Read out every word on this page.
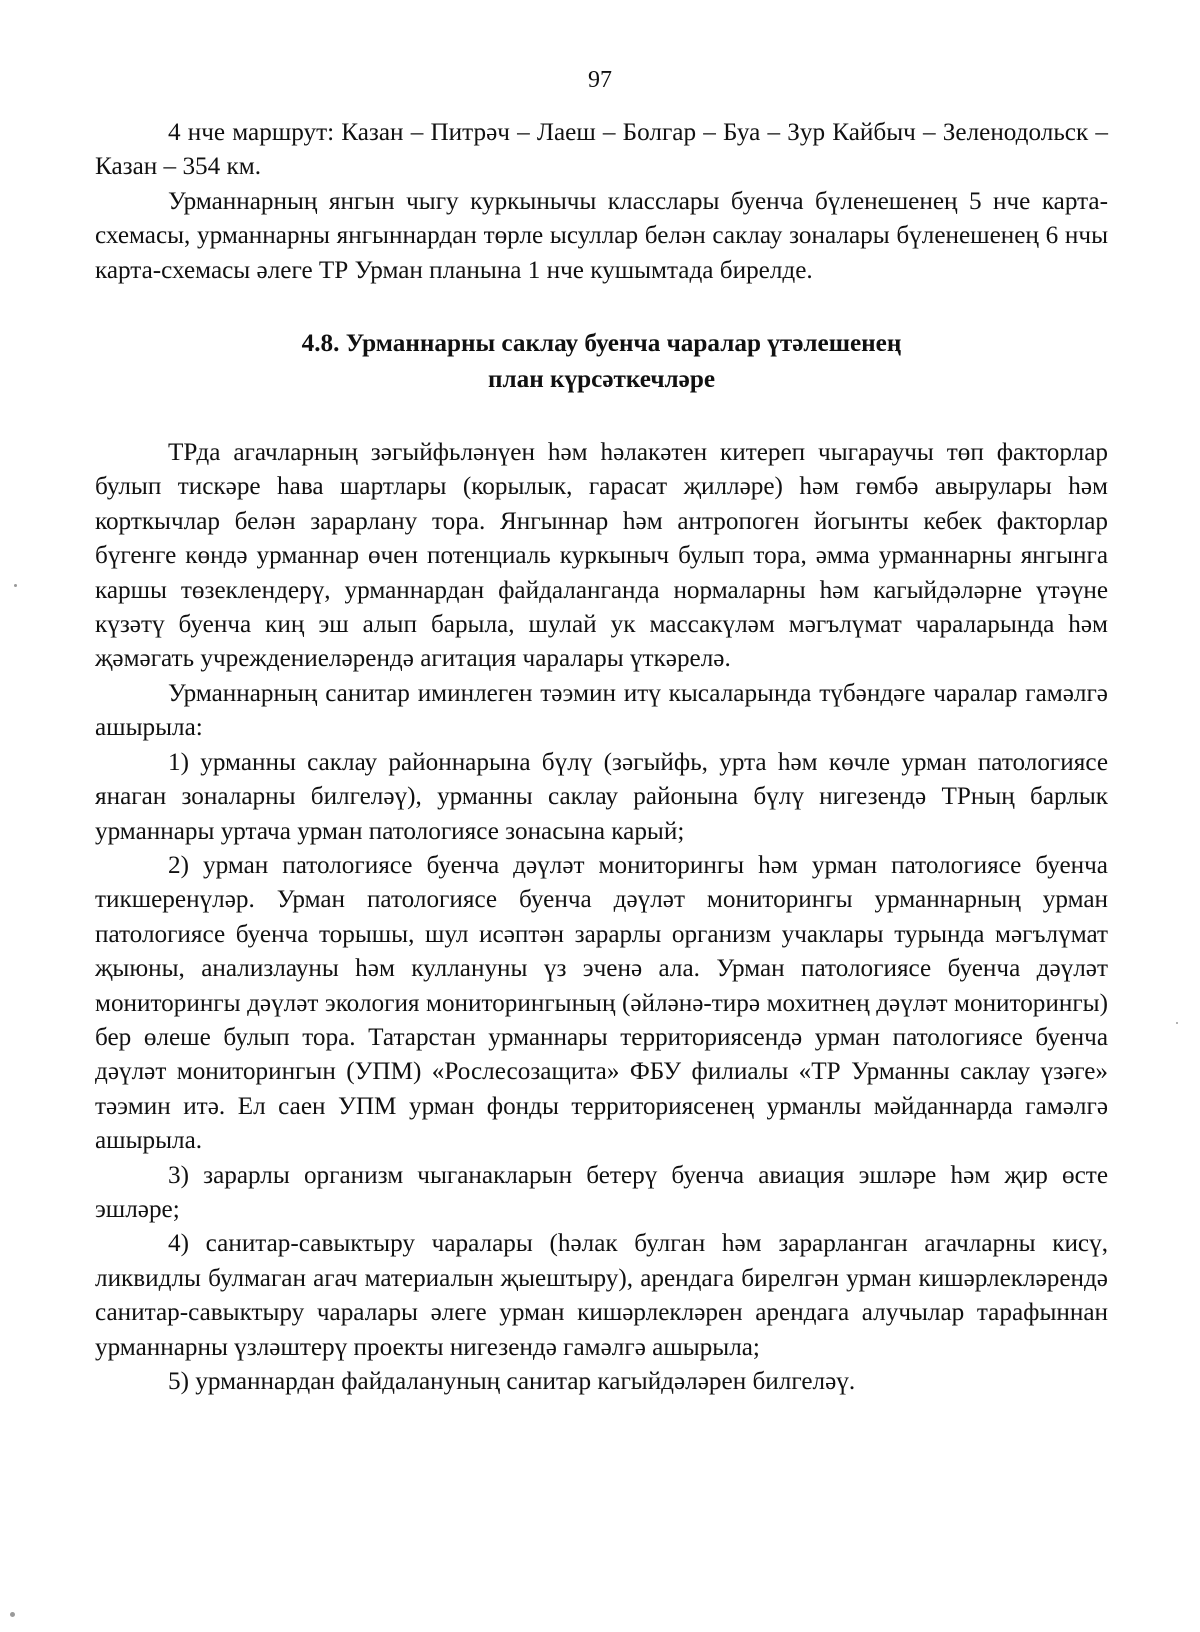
97

4 нче маршрут: Казан – Питрәч – Лаеш – Болгар – Буа – Зур Кайбыч – Зеленодольск – Казан – 354 км.

Урманнарның янгын чыгу куркынычы класслары буенча бүленешенең 5 нче карта-схемасы, урманнарны янгыннардан төрле ысуллар белән саклау зоналары бүленешенең 6 нчы карта-схемасы әлеге ТР Урман планына 1 нче кушымтада бирелде.

4.8. Урманнарны саклау буенча чаралар үтәлешенең
план күрсәткечләре

ТРда агачларның зәгыйфьләнүен һәм һәлакәтен китереп чыгараучы төп факторлар булып тискәре һава шартлары (корылык, гарасат җилләре) һәм гөмбә авырулары һәм корткычлар белән зарарлану тора. Янгыннар һәм антропоген йогынты кебек факторлар бүгенге көндә урманнар өчен потенциаль куркыныч булып тора, әмма урманнарны янгынга каршы төзеклендерү, урманнардан файдаланганда нормаларны һәм кагыйдәләрне үтәүне күзәтү буенча киң эш алып барыла, шулай ук массакүләм мәгълүмат чараларында һәм җәмәгать учреждениеләрендә агитация чаралары үткәрелә.

Урманнарның санитар иминлеген тәэмин итү кысаларында түбәндәге чаралар гамәлгә ашырыла:

1) урманны саклау районнарына бүлү (зәгыйфь, урта һәм көчле урман патологиясе янаган зоналарны билгеләү), урманны саклау районына бүлү нигезендә ТРның барлык урманнары уртача урман патологиясе зонасына карый;

2) урман патологиясе буенча дәүләт мониторингы һәм урман патологиясе буенча тикшеренүләр. Урман патологиясе буенча дәүләт мониторингы урманнарның урман патологиясе буенча торышы, шул исәптән зарарлы организм учаклары турында мәгълүмат җыюны, анализлауны һәм куллануны үз эченә ала. Урман патологиясе буенча дәүләт мониторингы дәүләт экология мониторингының (әйләнә-тирә мохитнең дәүләт мониторингы) бер өлеше булып тора. Татарстан урманнары территориясендә урман патологиясе буенча дәүләт мониторингын (УПМ) «Рослесозащита» ФБУ филиалы «ТР Урманны саклау үзәге» тәэмин итә. Ел саен УПМ урман фонды территориясенең урманлы мәйданнарда гамәлгә ашырыла.

3) зарарлы организм чыганакларын бетерү буенча авиация эшләре һәм җир өсте эшләре;

4) санитар-савыктыру чаралары (һәлак булган һәм зарарланган агачларны кисү, ликвидлы булмаган агач материалын җыештыру), арендага бирелгән урман кишәрлекләрендә санитар-савыктыру чаралары әлеге урман кишәрлекләрен арендага алучылар тарафыннан урманнарны үзләштерү проекты нигезендә гамәлгә ашырыла;

5) урманнардан файдалануның санитар кагыйдәләрен билгеләү.
